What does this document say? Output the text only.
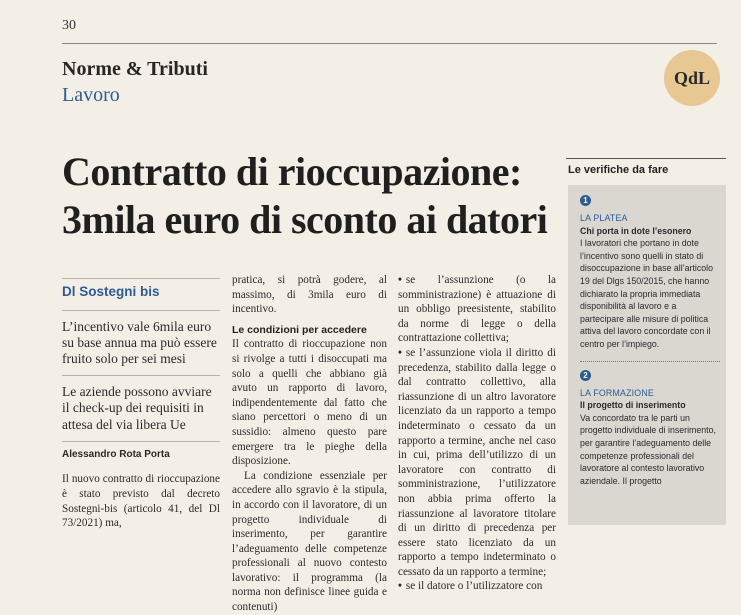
30
Norme & Tributi
Lavoro
QdL
Contratto di rioccupazione:
3mila euro di sconto ai datori
Dl Sostegni bis
L’incentivo vale 6mila euro su base annua ma può essere fruito solo per sei mesi
Le aziende possono avviare il check-up dei requisiti in attesa del via libera Ue
Alessandro Rota Porta

Il nuovo contratto di rioccupazione è stato previsto dal decreto Sostegni-bis (articolo 41, del Dl 73/2021) ma,

pratica, si potrà godere, al massimo, di 3mila euro di incentivo.

Le condizioni per accedere

Il contratto di rioccupazione non si rivolge a tutti i disoccupati ma solo a quelli che abbiano già avuto un rapporto di lavoro, indipendentemente dal fatto che siano percettori o meno di un sussidio: almeno questo pare emergere tra le pieghe della disposizione.

La condizione essenziale per accedere allo sgravio è la stipula, in accordo con il lavoratore, di un progetto individuale di inserimento, per garantire l’adeguamento delle competenze professionali al nuovo contesto lavorativo: il programma (la norma non definisce linee guida e contenuti)

• se l’assunzione (o la somministrazione) è attuazione di un obbligo preesistente, stabilito da norme di legge o della contrattazione collettiva;

• se l’assunzione viola il diritto di precedenza, stabilito dalla legge o dal contratto collettivo, alla riassunzione di un altro lavoratore licenziato da un rapporto a tempo indeterminato o cessato da un rapporto a termine, anche nel caso in cui, prima dell’utilizzo di un lavoratore con contratto di somministrazione, l’utilizzatore non abbia prima offerto la riassunzione al lavoratore titolare di un diritto di precedenza per essere stato licenziato da un rapporto a tempo indeterminato o cessato da un rapporto a termine;

• se il datore o l’utilizzatore con

Le verifiche da fare
1
LA PLATEA
Chi porta in dote l’esonero
I lavoratori che portano in dote l’incentivo sono quelli in stato di disoccupazione in base all’articolo 19 del Dlgs 150/2015, che hanno dichiarato la propria immediata disponibilità al lavoro e a partecipare alle misure di politica attiva del lavoro concordate con il centro per l’impiego.
2
LA FORMAZIONE
Il progetto di inserimento
Va concordato tra le parti un progetto individuale di inserimento, per garantire l’adeguamento delle competenze professionali del lavoratore al contesto lavorativo aziendale. Il progetto
